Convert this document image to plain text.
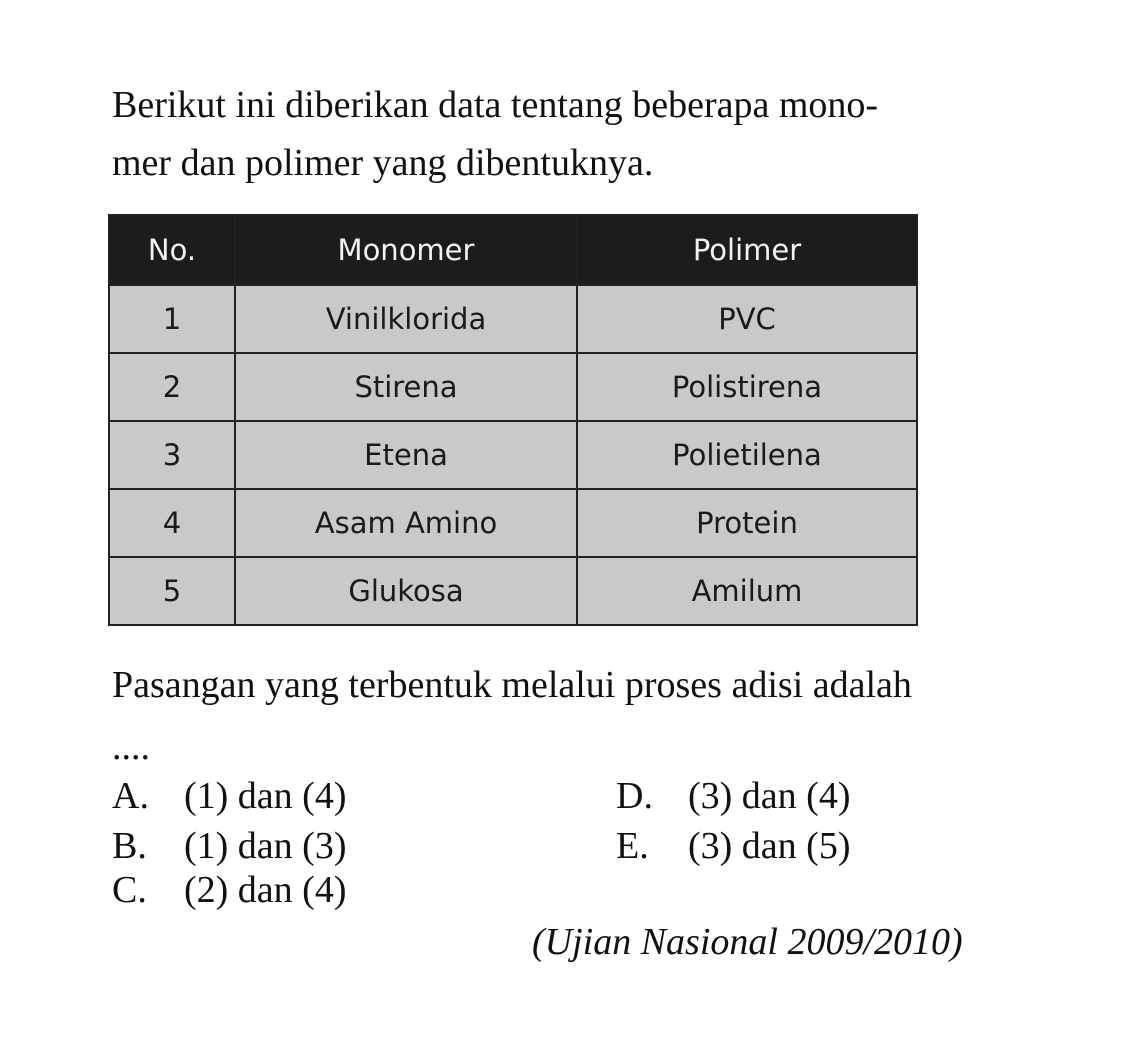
Berikut ini diberikan data tentang beberapa mono-

mer dan polimer yang dibentuknya.

No.	Monomer	Polimer
1	Vinilklorida	PVC
2	Stirena	Polistirena
3	Etena	Polietilena
4	Asam Amino	Protein
5	Glukosa	Amilum

Pasangan yang terbentuk melalui proses adisi adalah

....

A. (1) dan (4)
B. (1) dan (3)
C. (2) dan (4)
D. (3) dan (4)
E. (3) dan (5)
(Ujian Nasional 2009/2010)
